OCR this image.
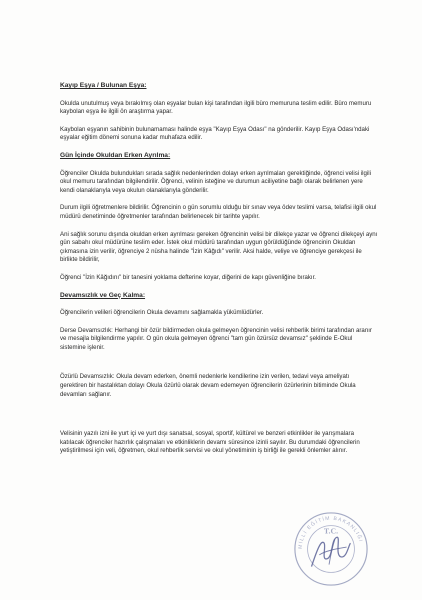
Kayıp Eşya / Bulunan Eşya:

Okulda unutulmuş veya bırakılmış olan eşyalar bulan kişi tarafından ilgili büro memuruna teslim edilir. Büro memuru kaybolan eşya ile ilgili ön araştırma yapar.

Kaybolan eşyanın sahibinin bulunamaması halinde eşya "Kayıp Eşya Odası" na gönderilir. Kayıp Eşya Odası'ndaki eşyalar eğitim dönemi sonuna kadar muhafaza edilir.

Gün İçinde Okuldan Erken Ayrılma:

Öğrenciler Okulda bulundukları sırada sağlık nedenlerinden dolayı erken ayrılmaları gerektiğinde, öğrenci velisi ilgili okul memuru tarafından bilgilendirilir. Öğrenci, velinin isteğine ve durumun aciliyetine bağlı olarak belirlenen yere kendi olanaklarıyla veya okulun olanaklarıyla gönderilir.

Durum ilgili öğretmenlere bildirilir. Öğrencinin o gün sorumlu olduğu bir sınav veya ödev teslimi varsa, telafisi ilgili okul müdürü denetiminde öğretmenler tarafından belirlenecek bir tarihte yapılır.

Ani sağlık sorunu dışında okuldan erken ayrılması gereken öğrencinin velisi bir dilekçe yazar ve öğrenci dilekçeyi aynı gün sabahı okul müdürüne teslim eder. İstek okul müdürü tarafından uygun görüldüğünde öğrencinin Okuldan çıkmasına izin verilir, öğrenciye 2 nüsha halinde "İzin Kâğıdı" verilir. Aksi halde, veliye ve öğrenciye gerekçesi ile birlikte bildirilir,

Öğrenci "İzin Kâğıdını" bir tanesini yoklama defterine koyar, diğerini de kapı güvenliğine bırakır.

Devamsızlık ve Geç Kalma:

Öğrencilerin velileri öğrencilerin Okula devamını sağlamakla yükümlüdürler.

Derse Devamsızlık: Herhangi bir özür bildirmeden okula gelmeyen öğrencinin velisi rehberlik birimi tarafından aranır ve mesajla bilgilendirme yapılır. O gün okula gelmeyen öğrenci "tam gün özürsüz devamsız" şeklinde E-Okul sistemine işlenir.

Özürlü Devamsızlık: Okula devam ederken, önemli nedenlerle kendilerine izin verilen, tedavi veya ameliyatı gerektiren bir hastalıktan dolayı Okula özürlü olarak devam edemeyen öğrencilerin özürlerinin bitiminde Okula devamları sağlanır.

Velisinin yazılı izni ile yurt içi ve yurt dışı sanatsal, sosyal, sportif, kültürel ve benzeri etkinlikler ile yarışmalara katılacak öğrenciler hazırlık çalışmaları ve etkinliklerin devamı süresince izinli sayılır. Bu durumdaki öğrencilerin yetiştirilmesi için veli, öğretmen, okul rehberlik servisi ve okul yönetiminin iş birliği ile gerekli önlemler alınır.

MİLLİ EĞİTİM BAKANLIĞI
T.C.
